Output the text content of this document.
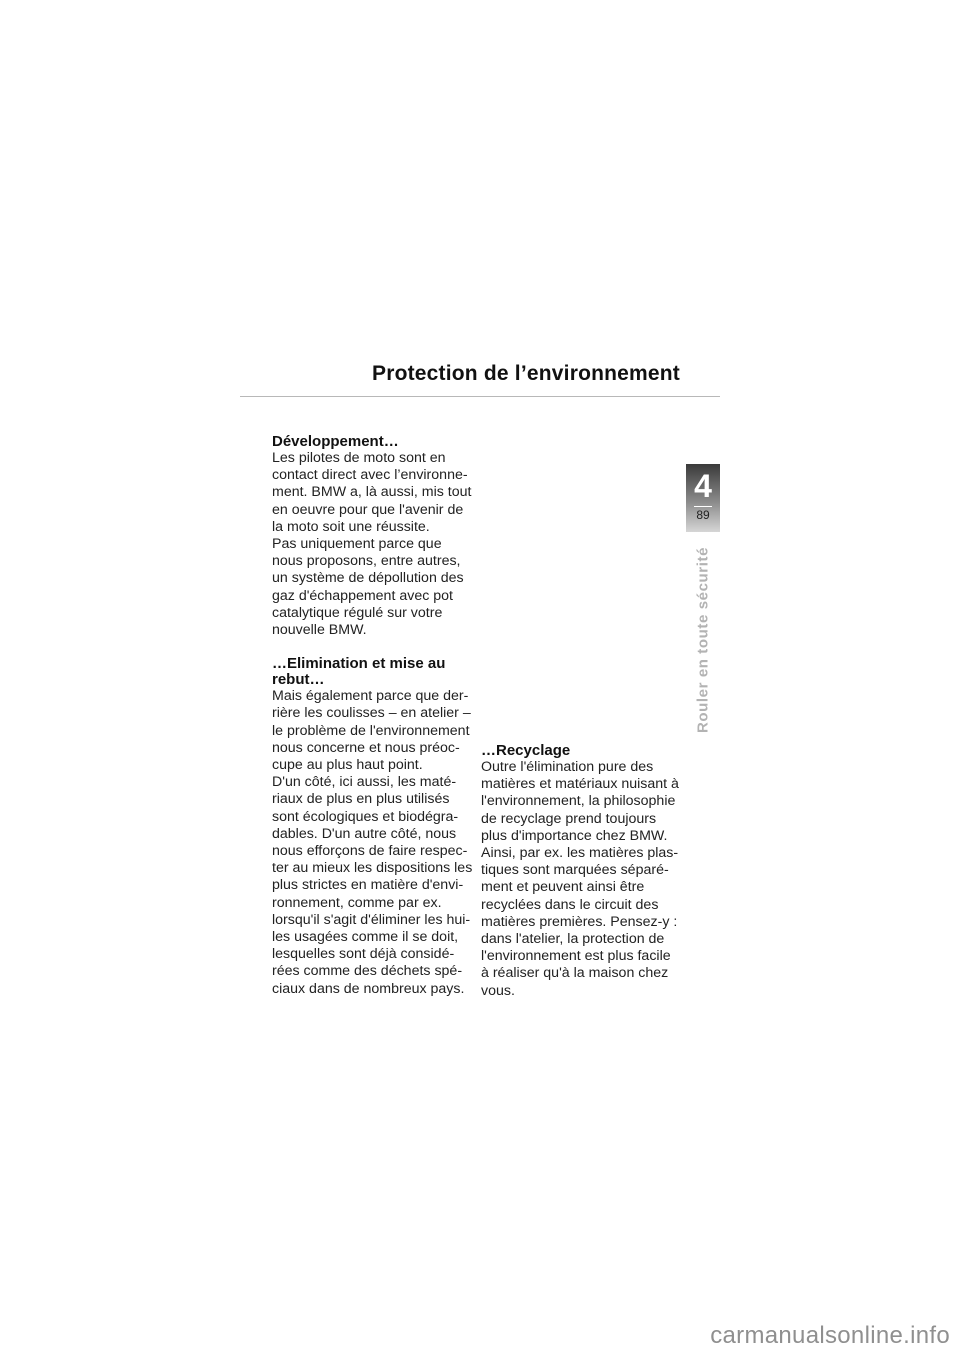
Protection de l’environnement
Développement…

Les pilotes de moto sont en
contact direct avec l’environne-
ment. BMW a, là aussi, mis tout
en oeuvre pour que l'avenir de
la moto soit une réussite.

Pas uniquement parce que
nous proposons, entre autres,
un système de dépollution des
gaz d'échappement avec pot
catalytique régulé sur votre
nouvelle BMW.

…Elimination et mise au
rebut…

Mais également parce que der-
rière les coulisses – en atelier –
le problème de l'environnement
nous concerne et nous préoc-
cupe au plus haut point.

D'un côté, ici aussi, les maté-
riaux de plus en plus utilisés
sont écologiques et biodégra-
dables. D'un autre côté, nous
nous efforçons de faire respec-
ter au mieux les dispositions les
plus strictes en matière d'envi-
ronnement, comme par ex.
lorsqu'il s'agit d'éliminer les hui-
les usagées comme il se doit,
lesquelles sont déjà considé-
rées comme des déchets spé-
ciaux dans de nombreux pays.

…Recyclage

Outre l'élimination pure des
matières et matériaux nuisant à
l'environnement, la philosophie
de recyclage prend toujours
plus d'importance chez BMW.
Ainsi, par ex. les matières plas-
tiques sont marquées séparé-
ment et peuvent ainsi être
recyclées dans le circuit des
matières premières. Pensez-y :
dans l'atelier, la protection de
l'environnement est plus facile
à réaliser qu'à la maison chez
vous.

4
89
Rouler en toute sécurité
carmanualsonline.info
